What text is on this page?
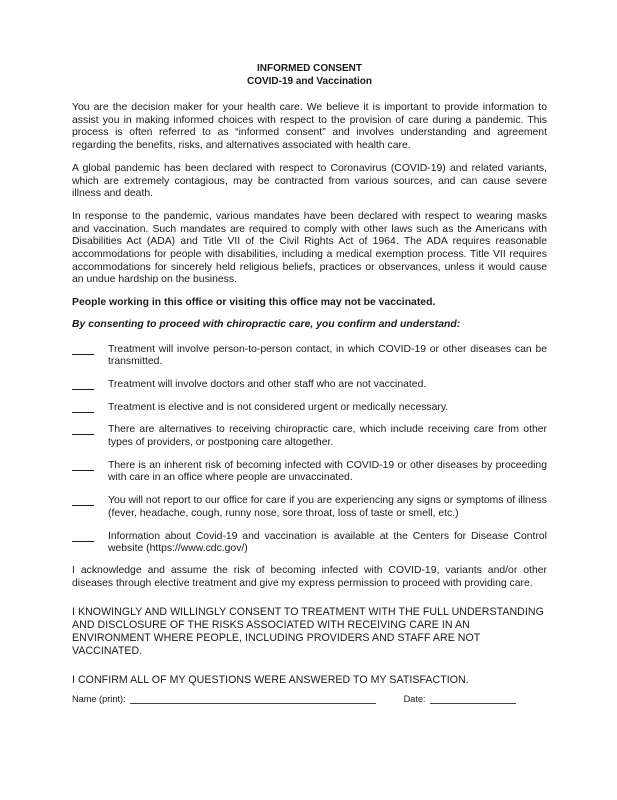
INFORMED CONSENT
COVID-19 and Vaccination

You are the decision maker for your health care. We believe it is important to provide information to assist you in making informed choices with respect to the provision of care during a pandemic. This process is often referred to as “informed consent” and involves understanding and agreement regarding the benefits, risks, and alternatives associated with health care.

A global pandemic has been declared with respect to Coronavirus (COVID-19) and related variants, which are extremely contagious, may be contracted from various sources, and can cause severe illness and death.

In response to the pandemic, various mandates have been declared with respect to wearing masks and vaccination. Such mandates are required to comply with other laws such as the Americans with Disabilities Act (ADA) and Title VII of the Civil Rights Act of 1964. The ADA requires reasonable accommodations for people with disabilities, including a medical exemption process. Title VII requires accommodations for sincerely held religious beliefs, practices or observances, unless it would cause an undue hardship on the business.

People working in this office or visiting this office may not be vaccinated.

By consenting to proceed with chiropractic care, you confirm and understand:

Treatment will involve person-to-person contact, in which COVID-19 or other diseases can be transmitted.
Treatment will involve doctors and other staff who are not vaccinated.
Treatment is elective and is not considered urgent or medically necessary.
There are alternatives to receiving chiropractic care, which include receiving care from other types of providers, or postponing care altogether.
There is an inherent risk of becoming infected with COVID-19 or other diseases by proceeding with care in an office where people are unvaccinated.
You will not report to our office for care if you are experiencing any signs or symptoms of illness (fever, headache, cough, runny nose, sore throat, loss of taste or smell, etc.)
Information about Covid-19 and vaccination is available at the Centers for Disease Control website (https://www.cdc.gov/)

I acknowledge and assume the risk of becoming infected with COVID-19, variants and/or other diseases through elective treatment and give my express permission to proceed with providing care.

I KNOWINGLY AND WILLINGLY CONSENT TO TREATMENT WITH THE FULL UNDERSTANDING AND DISCLOSURE OF THE RISKS ASSOCIATED WITH RECEIVING CARE IN AN ENVIRONMENT WHERE PEOPLE, INCLUDING PROVIDERS AND STAFF ARE NOT VACCINATED.

I CONFIRM ALL OF MY QUESTIONS WERE ANSWERED TO MY SATISFACTION.

Name (print):	Date:
